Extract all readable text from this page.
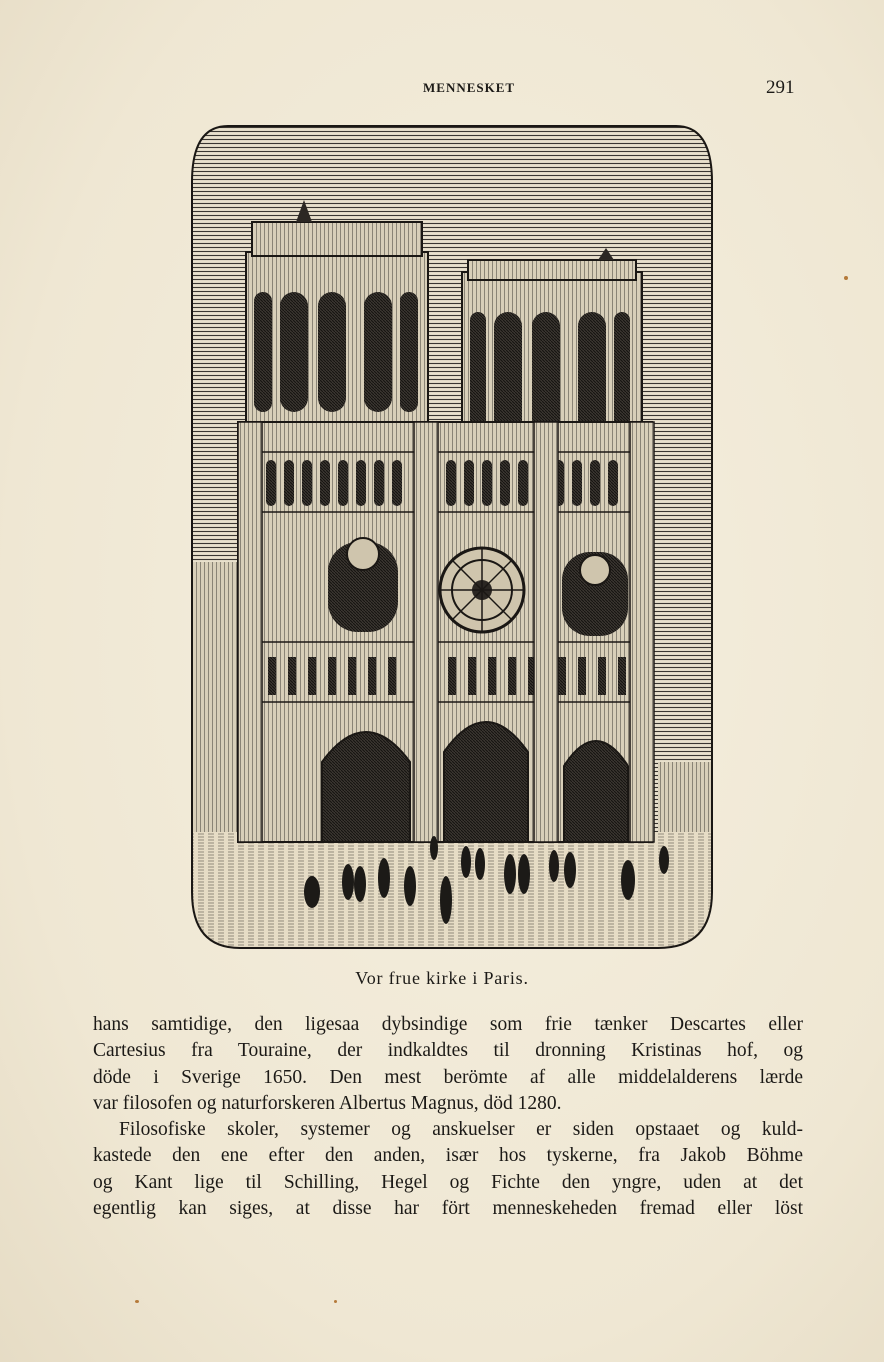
MENNESKET	291
Vor frue kirke i Paris.
hans samtidige, den ligesaa dybsindige som frie tænker Descartes eller
Cartesius fra Touraine, der indkaldtes til dronning Kristinas hof, og
döde i Sverige 1650. Den mest berömte af alle middelalderens lærde
var filosofen og naturforskeren Albertus Magnus, död 1280.
Filosofiske skoler, systemer og anskuelser er siden opstaaet og kuld-
kastede den ene efter den anden, især hos tyskerne, fra Jakob Böhme
og Kant lige til Schilling, Hegel og Fichte den yngre, uden at det
egentlig kan siges, at disse har fört menneskeheden fremad eller löst
